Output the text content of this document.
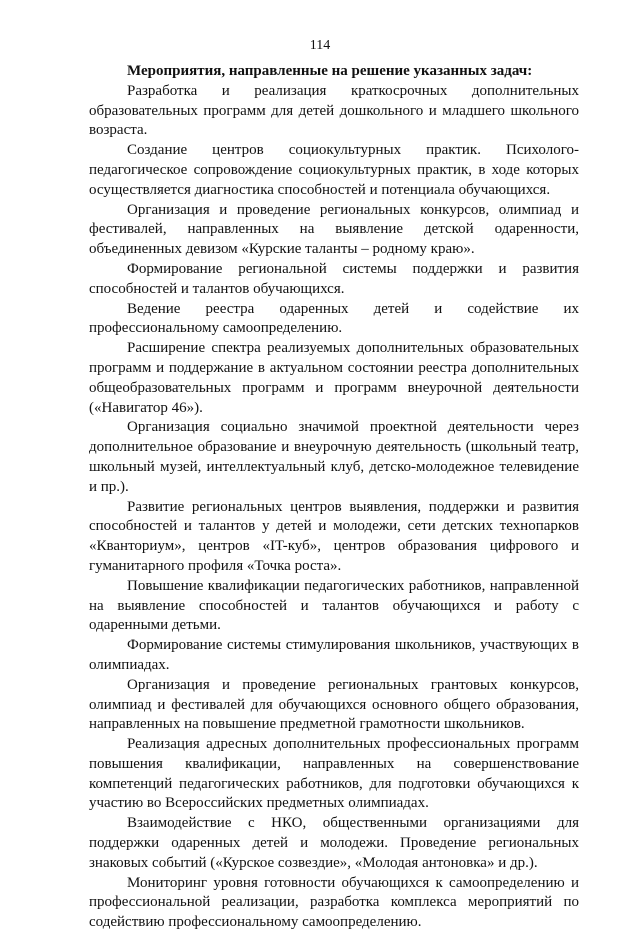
114

Мероприятия, направленные на решение указанных задач:

Разработка и реализация краткосрочных дополнительных образовательных программ для детей дошкольного и младшего школьного возраста.

Создание центров социокультурных практик. Психолого-педагогическое сопровождение социокультурных практик, в ходе которых осуществляется диагностика способностей и потенциала обучающихся.

Организация и проведение региональных конкурсов, олимпиад и фестивалей, направленных на выявление детской одаренности, объединенных девизом «Курские таланты – родному краю».

Формирование региональной системы поддержки и развития способностей и талантов обучающихся.

Ведение реестра одаренных детей и содействие их профессиональному самоопределению.

Расширение спектра реализуемых дополнительных образовательных программ и поддержание в актуальном состоянии реестра дополнительных общеобразовательных программ и программ внеурочной деятельности («Навигатор 46»).

Организация социально значимой проектной деятельности через дополнительное образование и внеурочную деятельность (школьный театр, школьный музей, интеллектуальный клуб, детско-молодежное телевидение и пр.).

Развитие региональных центров выявления, поддержки и развития способностей и талантов у детей и молодежи, сети детских технопарков «Кванториум», центров «IT-куб», центров образования цифрового и гуманитарного профиля «Точка роста».

Повышение квалификации педагогических работников, направленной на выявление способностей и талантов обучающихся и работу с одаренными детьми.

Формирование системы стимулирования школьников, участвующих в олимпиадах.

Организация и проведение региональных грантовых конкурсов, олимпиад и фестивалей для обучающихся основного общего образования, направленных на повышение предметной грамотности школьников.

Реализация адресных дополнительных профессиональных программ повышения квалификации, направленных на совершенствование компетенций педагогических работников, для подготовки обучающихся к участию во Всероссийских предметных олимпиадах.

Взаимодействие с НКО, общественными организациями для поддержки одаренных детей и молодежи. Проведение региональных знаковых событий («Курское созвездие», «Молодая антоновка» и др.).

Мониторинг уровня готовности обучающихся к самоопределению и профессиональной реализации, разработка комплекса мероприятий по содействию профессиональному самоопределению.
